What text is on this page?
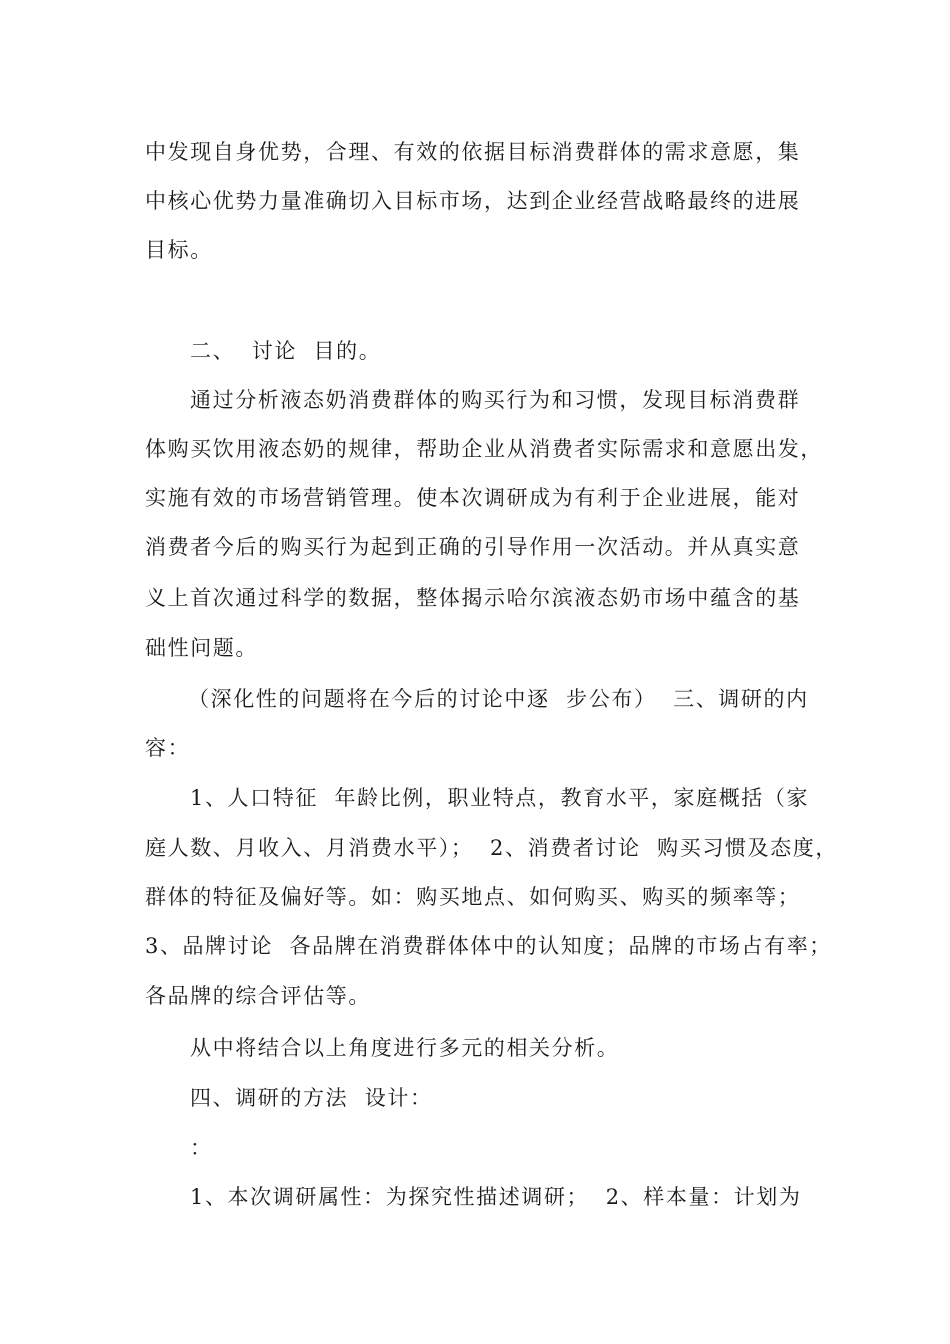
中发现自身优势，合理、有效的依据目标消费群体的需求意愿，集

中核心优势力量准确切入目标市场，达到企业经营战略最终的进展

目标。

二、  讨论  目的。

通过分析液态奶消费群体的购买行为和习惯，发现目标消费群

体购买饮用液态奶的规律，帮助企业从消费者实际需求和意愿出发，

实施有效的市场营销管理。使本次调研成为有利于企业进展，能对

消费者今后的购买行为起到正确的引导作用一次活动。并从真实意

义上首次通过科学的数据，整体揭示哈尔滨液态奶市场中蕴含的基

础性问题。

（深化性的问题将在今后的讨论中逐  步公布）  三、调研的内

容：

1、人口特征  年龄比例，职业特点，教育水平，家庭概括（家

庭人数、月收入、月消费水平）；  2、消费者讨论  购买习惯及态度，

群体的特征及偏好等。如：购买地点、如何购买、购买的频率等；

3、品牌讨论  各品牌在消费群体体中的认知度；品牌的市场占有率；

各品牌的综合评估等。

从中将结合以上角度进行多元的相关分析。

四、调研的方法  设计：

：

1、本次调研属性：为探究性描述调研；  2、样本量：计划为
